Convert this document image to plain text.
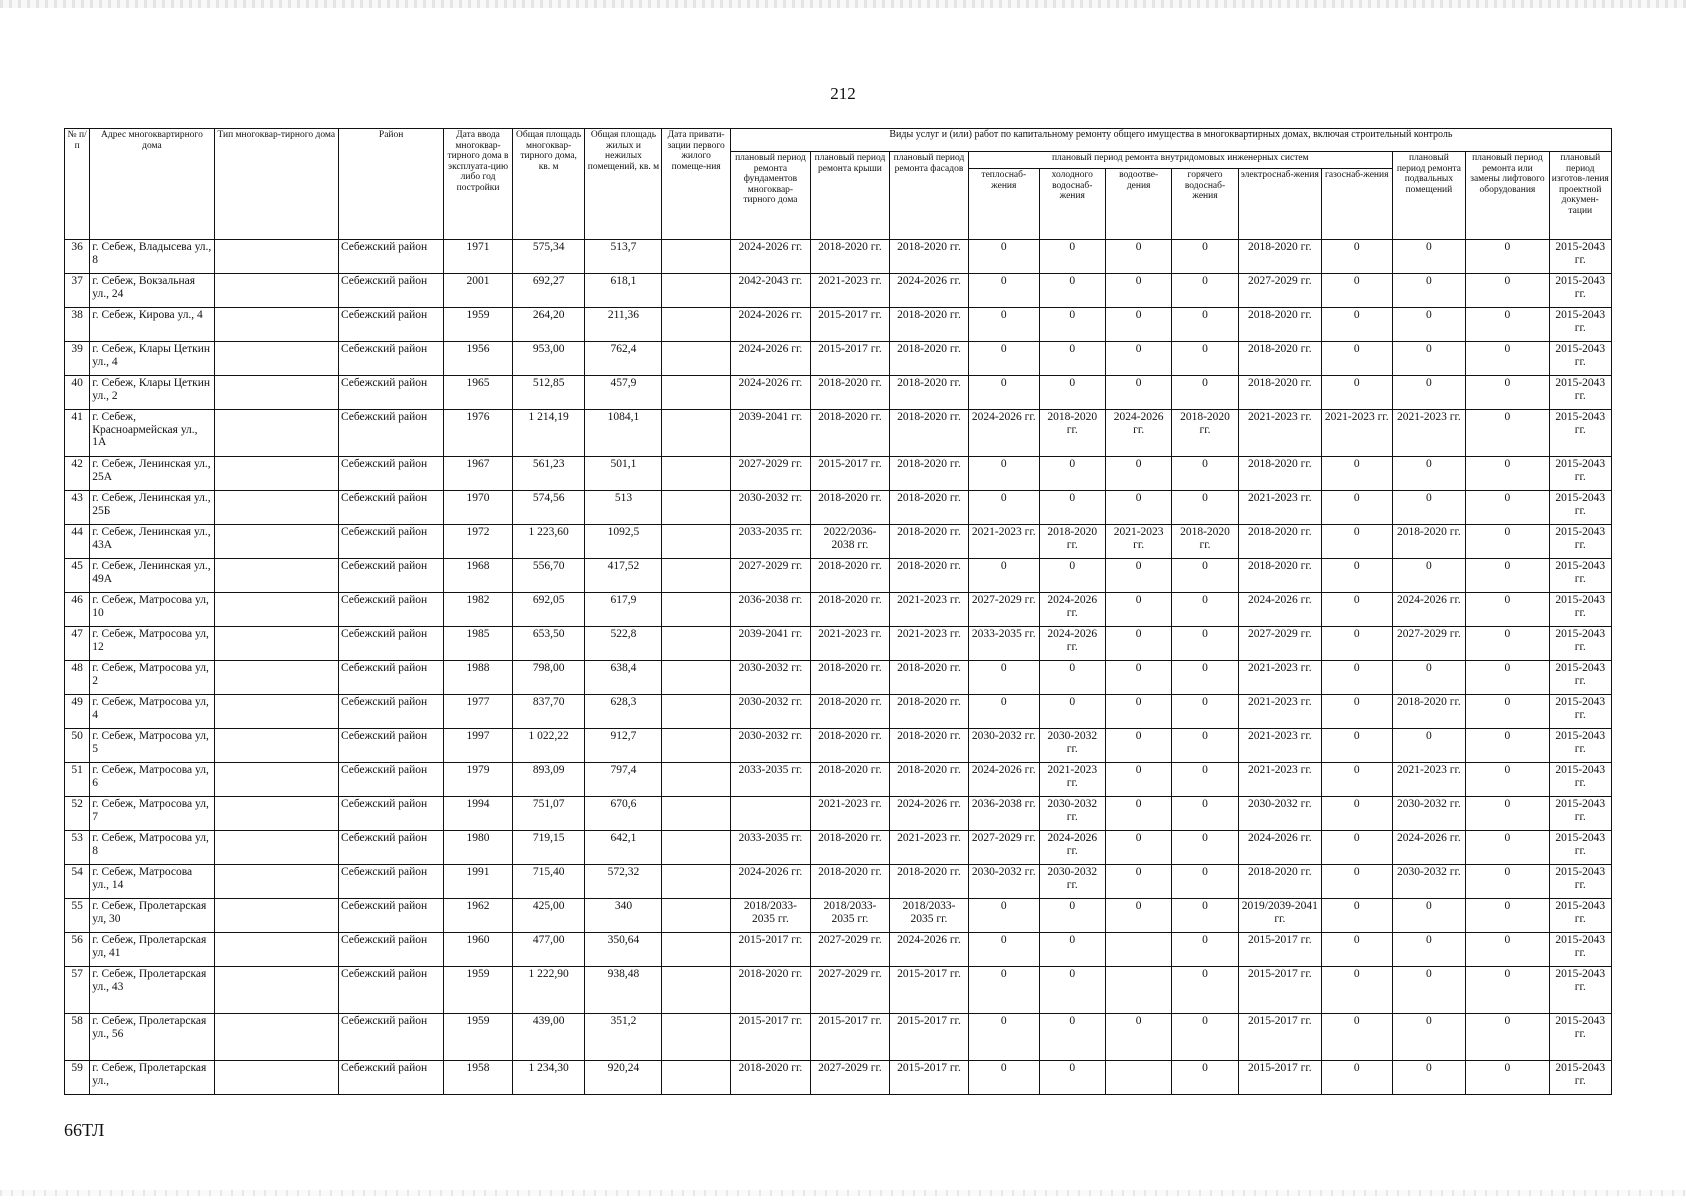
212
№ п/п	Адрес многоквартирного дома	Тип многоквар-тирного дома	Район	Дата ввода многоквар-тирного дома в эксплуата-цию либо год постройки	Общая площадь многоквар-тирного дома, кв. м	Общая площадь жилых и нежилых помещений, кв. м	Дата привати-зации первого жилого помеще-ния	Виды услуг и (или) работ по капитальному ремонту общего имущества в многоквартирных домах, включая строительный контроль											
								плановый период ремонта фундаментов многоквар-тирного дома	плановый период ремонта крыши	плановый период ремонта фасадов	плановый период ремонта внутридомовых инженерных систем						плановый период ремонта подвальных помещений	плановый период ремонта или замены лифтового оборудования	плановый период изготов-ления проектной докумен-тации
											теплоснаб-жения	холодного водоснаб-жения	водоотве-дения	горячего водоснаб-жения	электроснаб-жения	газоснаб-жения			
36	г. Себеж, Владысева ул., 8		Себежский район	1971	575,34	513,7		2024-2026 гг.	2018-2020 гг.	2018-2020 гг.	0	0	0	0	2018-2020 гг.	0	0	0	2015-2043 гг.
37	г. Себеж, Вокзальная ул., 24		Себежский район	2001	692,27	618,1		2042-2043 гг.	2021-2023 гг.	2024-2026 гг.	0	0	0	0	2027-2029 гг.	0	0	0	2015-2043 гг.
38	г. Себеж, Кирова ул., 4		Себежский район	1959	264,20	211,36		2024-2026 гг.	2015-2017 гг.	2018-2020 гг.	0	0	0	0	2018-2020 гг.	0	0	0	2015-2043 гг.
39	г. Себеж, Клары Цеткин ул., 4		Себежский район	1956	953,00	762,4		2024-2026 гг.	2015-2017 гг.	2018-2020 гг.	0	0	0	0	2018-2020 гг.	0	0	0	2015-2043 гг.
40	г. Себеж, Клары Цеткин ул., 2		Себежский район	1965	512,85	457,9		2024-2026 гг.	2018-2020 гг.	2018-2020 гг.	0	0	0	0	2018-2020 гг.	0	0	0	2015-2043 гг.
41	г. Себеж, Красноармейская ул., 1А		Себежский район	1976	1 214,19	1084,1		2039-2041 гг.	2018-2020 гг.	2018-2020 гг.	2024-2026 гг.	2018-2020 гг.	2024-2026 гг.	2018-2020 гг.	2021-2023 гг.	2021-2023 гг.	2021-2023 гг.	0	2015-2043 гг.
42	г. Себеж, Ленинская ул., 25А		Себежский район	1967	561,23	501,1		2027-2029 гг.	2015-2017 гг.	2018-2020 гг.	0	0	0	0	2018-2020 гг.	0	0	0	2015-2043 гг.
43	г. Себеж, Ленинская ул., 25Б		Себежский район	1970	574,56	513		2030-2032 гг.	2018-2020 гг.	2018-2020 гг.	0	0	0	0	2021-2023 гг.	0	0	0	2015-2043 гг.
44	г. Себеж, Ленинская ул., 43А		Себежский район	1972	1 223,60	1092,5		2033-2035 гг.	2022/2036-2038 гг.	2018-2020 гг.	2021-2023 гг.	2018-2020 гг.	2021-2023 гг.	2018-2020 гг.	2018-2020 гг.	0	2018-2020 гг.	0	2015-2043 гг.
45	г. Себеж, Ленинская ул., 49А		Себежский район	1968	556,70	417,52		2027-2029 гг.	2018-2020 гг.	2018-2020 гг.	0	0	0	0	2018-2020 гг.	0	0	0	2015-2043 гг.
46	г. Себеж, Матросова ул, 10		Себежский район	1982	692,05	617,9		2036-2038 гг.	2018-2020 гг.	2021-2023 гг.	2027-2029 гг.	2024-2026 гг.	0	0	2024-2026 гг.	0	2024-2026 гг.	0	2015-2043 гг.
47	г. Себеж, Матросова ул, 12		Себежский район	1985	653,50	522,8		2039-2041 гг.	2021-2023 гг.	2021-2023 гг.	2033-2035 гг.	2024-2026 гг.	0	0	2027-2029 гг.	0	2027-2029 гг.	0	2015-2043 гг.
48	г. Себеж, Матросова ул, 2		Себежский район	1988	798,00	638,4		2030-2032 гг.	2018-2020 гг.	2018-2020 гг.	0	0	0	0	2021-2023 гг.	0	0	0	2015-2043 гг.
49	г. Себеж, Матросова ул, 4		Себежский район	1977	837,70	628,3		2030-2032 гг.	2018-2020 гг.	2018-2020 гг.	0	0	0	0	2021-2023 гг.	0	2018-2020 гг.	0	2015-2043 гг.
50	г. Себеж, Матросова ул, 5		Себежский район	1997	1 022,22	912,7		2030-2032 гг.	2018-2020 гг.	2018-2020 гг.	2030-2032 гг.	2030-2032 гг.	0	0	2021-2023 гг.	0	0	0	2015-2043 гг.
51	г. Себеж, Матросова ул, 6		Себежский район	1979	893,09	797,4		2033-2035 гг.	2018-2020 гг.	2018-2020 гг.	2024-2026 гг.	2021-2023 гг.	0	0	2021-2023 гг.	0	2021-2023 гг.	0	2015-2043 гг.
52	г. Себеж, Матросова ул, 7		Себежский район	1994	751,07	670,6			2021-2023 гг.	2024-2026 гг.	2036-2038 гг.	2030-2032 гг.	0	0	2030-2032 гг.	0	2030-2032 гг.	0	2015-2043 гг.
53	г. Себеж, Матросова ул, 8		Себежский район	1980	719,15	642,1		2033-2035 гг.	2018-2020 гг.	2021-2023 гг.	2027-2029 гг.	2024-2026 гг.	0	0	2024-2026 гг.	0	2024-2026 гг.	0	2015-2043 гг.
54	г. Себеж, Матросова ул., 14		Себежский район	1991	715,40	572,32		2024-2026 гг.	2018-2020 гг.	2018-2020 гг.	2030-2032 гг.	2030-2032 гг.	0	0	2018-2020 гг.	0	2030-2032 гг.	0	2015-2043 гг.
55	г. Себеж, Пролетарская ул, 30		Себежский район	1962	425,00	340		2018/2033-2035 гг.	2018/2033-2035 гг.	2018/2033-2035 гг.	0	0	0	0	2019/2039-2041 гг.	0	0	0	2015-2043 гг.
56	г. Себеж, Пролетарская ул, 41		Себежский район	1960	477,00	350,64		2015-2017 гг.	2027-2029 гг.	2024-2026 гг.	0	0		0	2015-2017 гг.	0	0	0	2015-2043 гг.
57	г. Себеж, Пролетарская ул., 43		Себежский район	1959	1 222,90	938,48		2018-2020 гг.	2027-2029 гг.	2015-2017 гг.	0	0		0	2015-2017 гг.	0	0	0	2015-2043 гг.
58	г. Себеж, Пролетарская ул., 56		Себежский район	1959	439,00	351,2		2015-2017 гг.	2015-2017 гг.	2015-2017 гг.	0	0	0	0	2015-2017 гг.	0	0	0	2015-2043 гг.
59	г. Себеж, Пролетарская ул.,		Себежский район	1958	1 234,30	920,24		2018-2020 гг.	2027-2029 гг.	2015-2017 гг.	0	0		0	2015-2017 гг.	0	0	0	2015-2043 гг.
66ТЛ
